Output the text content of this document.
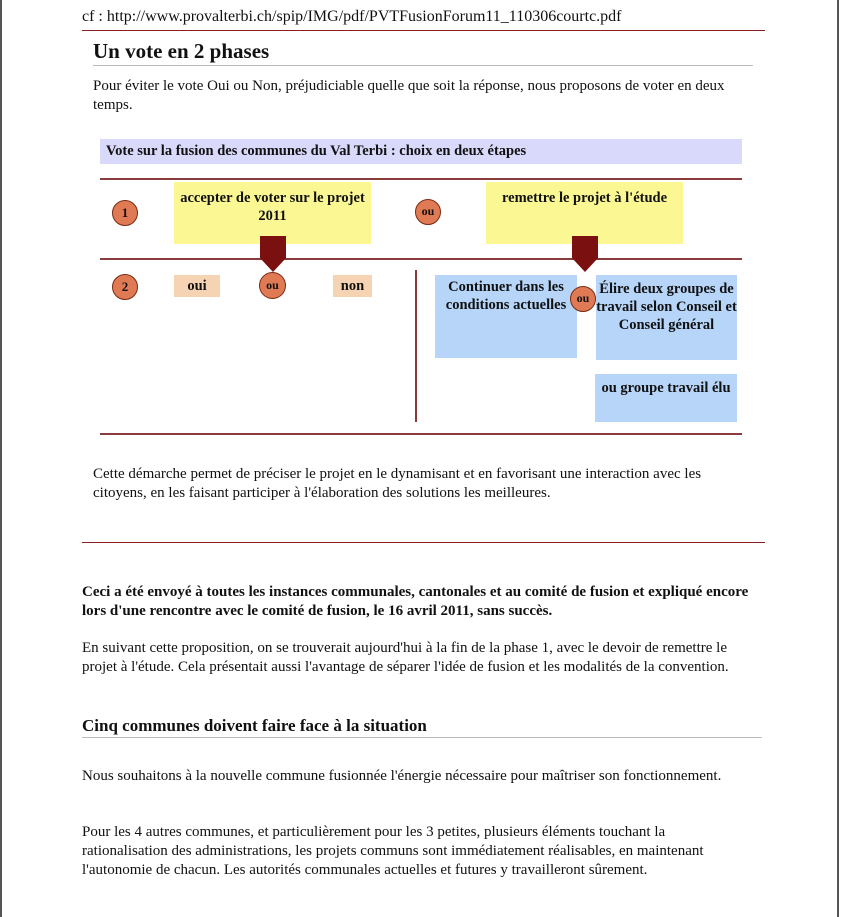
cf : http://www.provalterbi.ch/spip/IMG/pdf/PVTFusionForum11_110306courtc.pdf
Un vote en 2 phases
Pour éviter le vote Oui ou Non, préjudiciable quelle que soit la réponse, nous proposons de voter en deux temps.
Vote sur la fusion des communes du Val Terbi : choix en deux étapes
1
accepter de voter sur le projet 2011	ou
remettre le projet à l'étude
2	oui	ou	non	Continuer dans les conditions actuelles ou
Élire deux groupes de travail selon Conseil et Conseil général
ou groupe travail élu
Cette démarche permet de préciser le projet en le dynamisant et en favorisant une interaction avec les citoyens, en les faisant participer à l'élaboration des solutions les meilleures.
Ceci a été envoyé à toutes les instances communales, cantonales et au comité de fusion et expliqué encore lors d'une rencontre avec le comité de fusion, le 16 avril 2011, sans succès.
En suivant cette proposition, on se trouverait aujourd'hui à la fin de la phase 1, avec le devoir de remettre le projet à l'étude. Cela présentait aussi l'avantage de séparer l'idée de fusion et les modalités de la convention.
Cinq communes doivent faire face à la situation
Nous souhaitons à la nouvelle commune fusionnée l'énergie nécessaire pour maîtriser son fonctionnement.
Pour les 4 autres communes, et particulièrement pour les 3 petites, plusieurs éléments touchant la rationalisation des administrations, les projets communs sont immédiatement réalisables, en maintenant l'autonomie de chacun. Les autorités communales actuelles et futures y travailleront sûrement.
